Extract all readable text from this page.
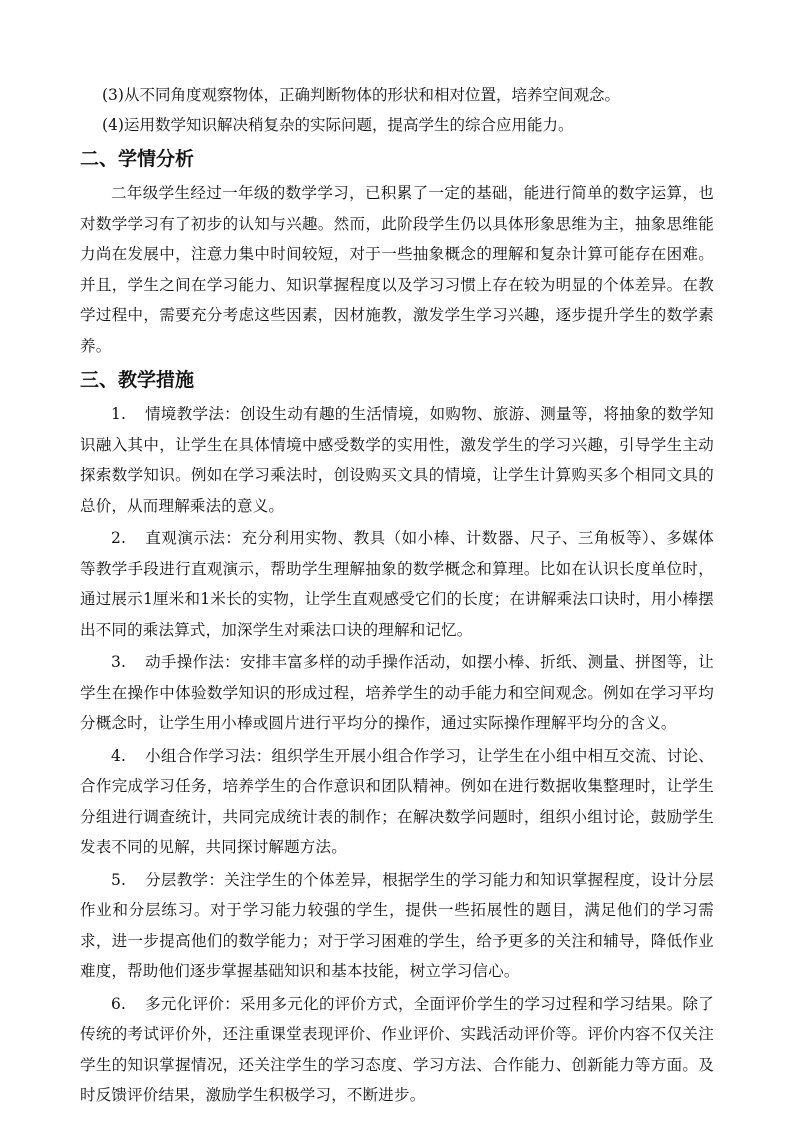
(3)从不同角度观察物体，正确判断物体的形状和相对位置，培养空间观念。

(4)运用数学知识解决稍复杂的实际问题，提高学生的综合应用能力。

二、学情分析

二年级学生经过一年级的数学学习，已积累了一定的基础，能进行简单的数字运算，也对数学学习有了初步的认知与兴趣。然而，此阶段学生仍以具体形象思维为主，抽象思维能力尚在发展中，注意力集中时间较短，对于一些抽象概念的理解和复杂计算可能存在困难。并且，学生之间在学习能力、知识掌握程度以及学习习惯上存在较为明显的个体差异。在教学过程中，需要充分考虑这些因素，因材施教，激发学生学习兴趣，逐步提升学生的数学素养。

三、教学措施

1. 情境教学法：创设生动有趣的生活情境，如购物、旅游、测量等，将抽象的数学知识融入其中，让学生在具体情境中感受数学的实用性，激发学生的学习兴趣，引导学生主动探索数学知识。例如在学习乘法时，创设购买文具的情境，让学生计算购买多个相同文具的总价，从而理解乘法的意义。

2. 直观演示法：充分利用实物、教具（如小棒、计数器、尺子、三角板等）、多媒体等教学手段进行直观演示，帮助学生理解抽象的数学概念和算理。比如在认识长度单位时，通过展示1厘米和1米长的实物，让学生直观感受它们的长度；在讲解乘法口诀时，用小棒摆出不同的乘法算式，加深学生对乘法口诀的理解和记忆。

3. 动手操作法：安排丰富多样的动手操作活动，如摆小棒、折纸、测量、拼图等，让学生在操作中体验数学知识的形成过程，培养学生的动手能力和空间观念。例如在学习平均分概念时，让学生用小棒或圆片进行平均分的操作，通过实际操作理解平均分的含义。

4. 小组合作学习法：组织学生开展小组合作学习，让学生在小组中相互交流、讨论、合作完成学习任务，培养学生的合作意识和团队精神。例如在进行数据收集整理时，让学生分组进行调查统计，共同完成统计表的制作；在解决数学问题时，组织小组讨论，鼓励学生发表不同的见解，共同探讨解题方法。

5. 分层教学：关注学生的个体差异，根据学生的学习能力和知识掌握程度，设计分层作业和分层练习。对于学习能力较强的学生，提供一些拓展性的题目，满足他们的学习需求，进一步提高他们的数学能力；对于学习困难的学生，给予更多的关注和辅导，降低作业难度，帮助他们逐步掌握基础知识和基本技能，树立学习信心。

6. 多元化评价：采用多元化的评价方式，全面评价学生的学习过程和学习结果。除了传统的考试评价外，还注重课堂表现评价、作业评价、实践活动评价等。评价内容不仅关注学生的知识掌握情况，还关注学生的学习态度、学习方法、合作能力、创新能力等方面。及时反馈评价结果，激励学生积极学习，不断进步。
